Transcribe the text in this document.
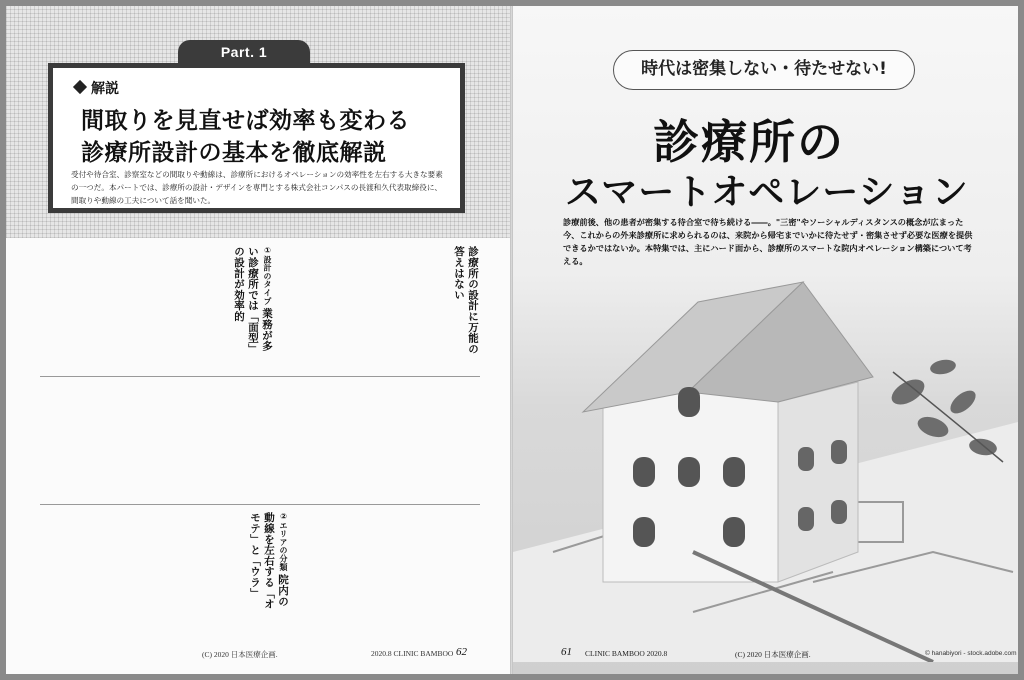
Part. 1
解説
間取りを見直せば効率も変わる
診療所設計の基本を徹底解説
受付や待合室、診察室などの間取りや動線は、診療所におけるオペレーションの効率性を左右する大きな要素の一つだ。本パートでは、診療所の設計・デザインを専門とする株式会社コンパスの長渡和久代表取締役に、間取りや動線の工夫について話を聞いた。
診療所の設計に万能の答えはない
①設計のタイプ 業務が多い診療所では「面型」の設計が効率的
②エリアの分類 院内の動線を左右する「オモテ」と「ウラ」
(C) 2020 日本医療企画.	2020.8 CLINIC BAMBOO 62
時代は密集しない・待たせない!
診療所の
スマートオペレーション
診療前後、他の患者が密集する待合室で待ち続ける――。"三密"やソーシャルディスタンスの概念が広まった今、これからの外来診療所に求められるのは、来院から帰宅までいかに待たせず・密集させず必要な医療を提供できるかではないか。本特集では、主にハード面から、診療所のスマートな院内オペレーション構築について考える。
61 CLINIC BAMBOO 2020.8	(C) 2020 日本医療企画.	© hanabiyori - stock.adobe.com
